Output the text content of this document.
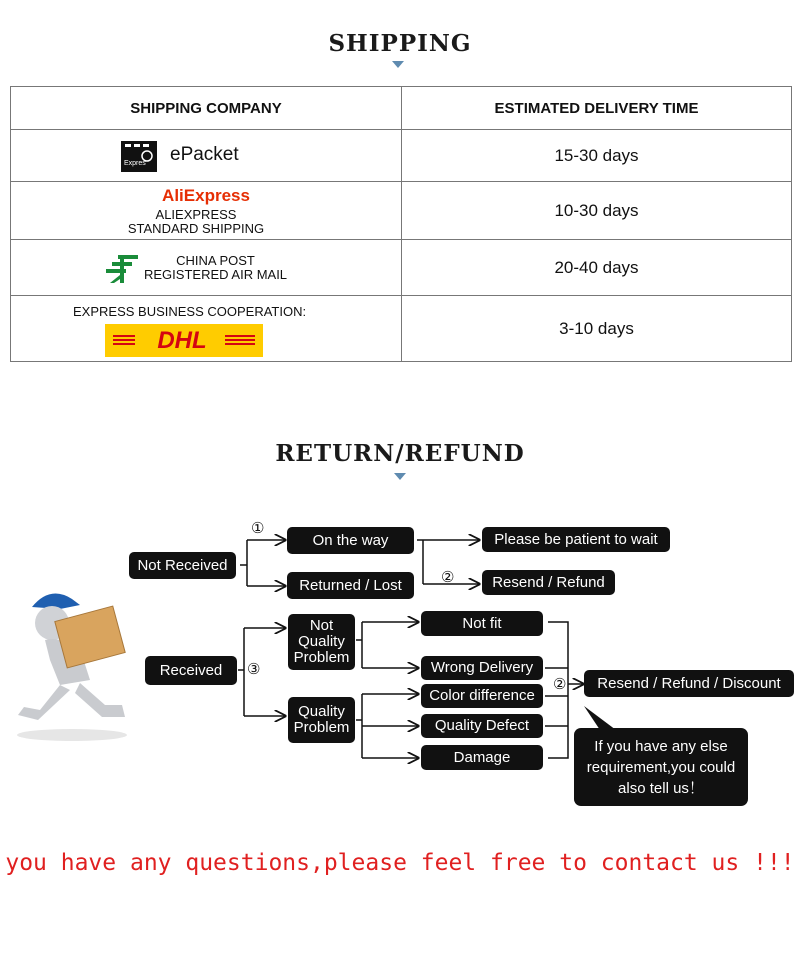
SHIPPING
SHIPPING COMPANY	ESTIMATED DELIVERY TIME

Expres ePacket	15-30 days

AliExpress
ALIEXPRESS
STANDARD SHIPPING	10-30 days

CHINA POST
REGISTERED AIR MAIL	20-40 days

EXPRESS BUSINESS COOPERATION:
DHL	3-10 days
RETURN/REFUND
Not Received
On the way
Returned / Lost
Please be patient to wait
Resend / Refund
Received
Not
Quality
Problem
Quality
Problem
Not fit
Wrong Delivery
Color difference
Quality Defect
Damage
Resend / Refund / Discount
If you have any else
requirement,you could
also tell us！
①
②
③
②
you have any questions,please feel free to contact us !!!
